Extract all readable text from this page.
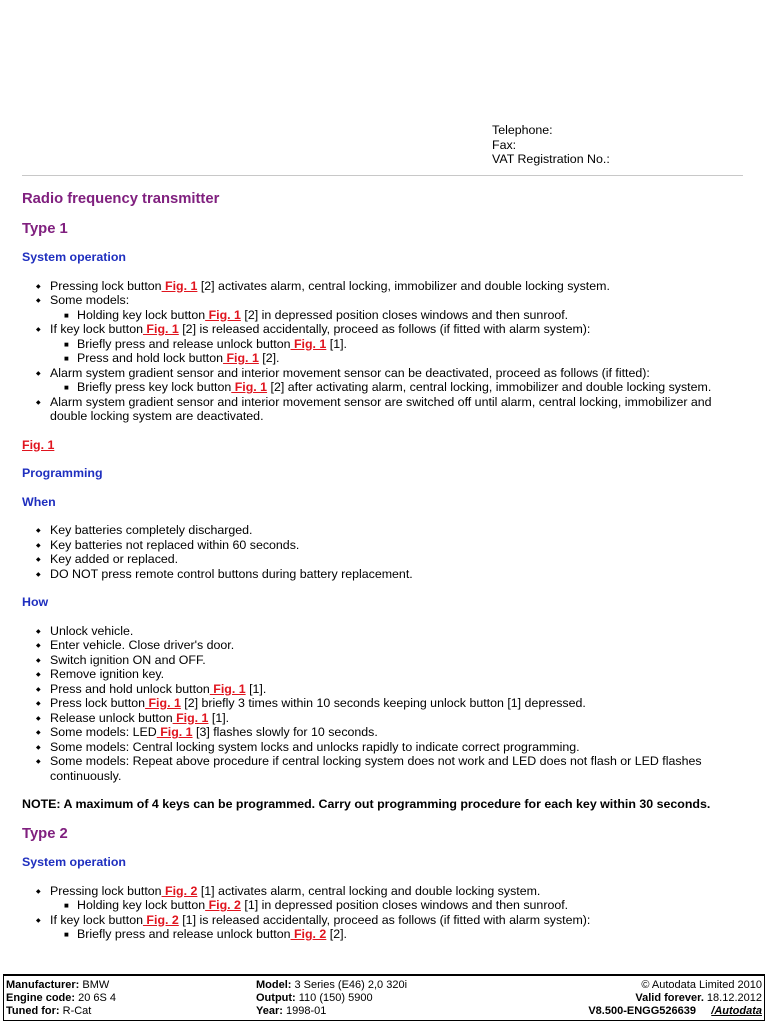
Telephone:
Fax:
VAT Registration No.:
Radio frequency transmitter
Type 1
System operation
◆ Pressing lock button Fig. 1 [2] activates alarm, central locking, immobilizer and double locking system.
◆ Some models:
■ Holding key lock button Fig. 1 [2] in depressed position closes windows and then sunroof.
◆ If key lock button Fig. 1 [2] is released accidentally, proceed as follows (if fitted with alarm system):
■ Briefly press and release unlock button Fig. 1 [1].
■ Press and hold lock button Fig. 1 [2].
◆ Alarm system gradient sensor and interior movement sensor can be deactivated, proceed as follows (if fitted):
■ Briefly press key lock button Fig. 1 [2] after activating alarm, central locking, immobilizer and double locking system.
◆ Alarm system gradient sensor and interior movement sensor are switched off until alarm, central locking, immobilizer and double locking system are deactivated.
Fig. 1
Programming
When
◆ Key batteries completely discharged.
◆ Key batteries not replaced within 60 seconds.
◆ Key added or replaced.
◆ DO NOT press remote control buttons during battery replacement.
How
◆ Unlock vehicle.
◆ Enter vehicle. Close driver's door.
◆ Switch ignition ON and OFF.
◆ Remove ignition key.
◆ Press and hold unlock button Fig. 1 [1].
◆ Press lock button Fig. 1 [2] briefly 3 times within 10 seconds keeping unlock button [1] depressed.
◆ Release unlock button Fig. 1 [1].
◆ Some models: LED Fig. 1 [3] flashes slowly for 10 seconds.
◆ Some models: Central locking system locks and unlocks rapidly to indicate correct programming.
◆ Some models: Repeat above procedure if central locking system does not work and LED does not flash or LED flashes continuously.
NOTE: A maximum of 4 keys can be programmed. Carry out programming procedure for each key within 30 seconds.
Type 2
System operation
◆ Pressing lock button Fig. 2 [1] activates alarm, central locking and double locking system.
■ Holding key lock button Fig. 2 [1] in depressed position closes windows and then sunroof.
◆ If key lock button Fig. 2 [1] is released accidentally, proceed as follows (if fitted with alarm system):
■ Briefly press and release unlock button Fig. 2 [2].
Manufacturer: BMW
Engine code: 20 6S 4
Tuned for: R-Cat
Model: 3 Series (E46) 2,0 320i
Output: 110 (150) 5900
Year: 1998-01
© Autodata Limited 2010
Valid forever. 18.12.2012
V8.500-ENGG526639 /Autodata
